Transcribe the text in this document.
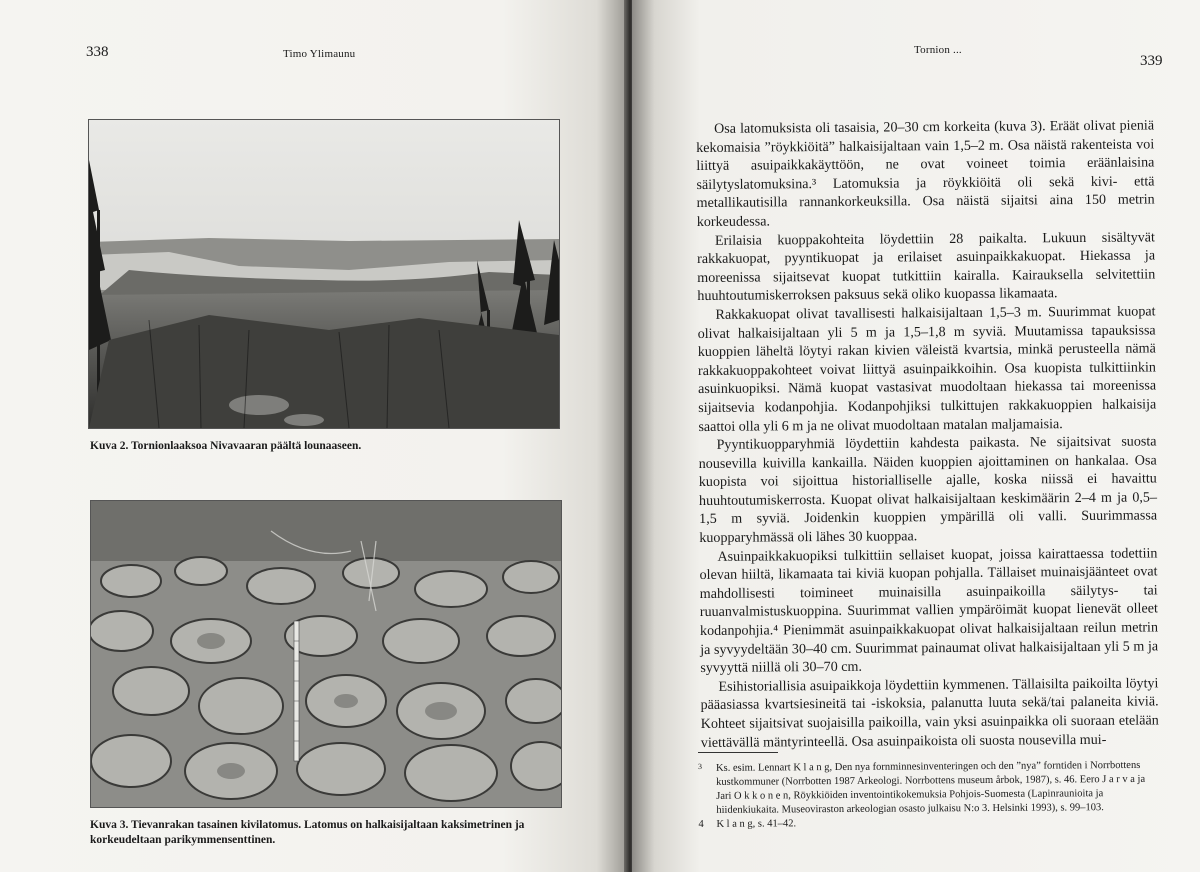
338	Timo Ylimaunu
Kuva 2. Tornionlaaksoa Nivavaaran päältä lounaaseen.
Kuva 3. Tievanrakan tasainen kivilatomus. Latomus on halkaisijaltaan kaksimetrinen ja korkeudeltaan parikymmensenttinen.
Tornion ...
339

Osa latomuksista oli tasaisia, 20–30 cm korkeita (kuva 3). Eräät olivat pieniä kekomaisia ”röykkiöitä” halkaisijaltaan vain 1,5–2 m. Osa näistä rakenteista voi liittyä asuipaikkakäyttöön, ne ovat voineet toimia eräänlaisina säilytyslatomuksina.³ Latomuksia ja röykkiöitä oli sekä kivi- että metallikautisilla rannankorkeuksilla. Osa näistä sijaitsi aina 150 metrin korkeudessa.

Erilaisia kuoppakohteita löydettiin 28 paikalta. Lukuun sisältyvät rakkakuopat, pyyntikuopat ja erilaiset asuinpaikkakuopat. Hiekassa ja moreenissa sijaitsevat kuopat tutkittiin kairalla. Kairauksella selvitettiin huuhtoutumiskerroksen paksuus sekä oliko kuopassa likamaata.

Rakkakuopat olivat tavallisesti halkaisijaltaan 1,5–3 m. Suurimmat kuopat olivat halkaisijaltaan yli 5 m ja 1,5–1,8 m syviä. Muutamissa tapauksissa kuoppien läheltä löytyi rakan kivien väleistä kvartsia, minkä perusteella nämä rakkakuoppakohteet voivat liittyä asuinpaikkoihin. Osa kuopista tulkittiinkin asuinkuopiksi. Nämä kuopat vastasivat muodoltaan hiekassa tai moreenissa sijaitsevia kodanpohjia. Kodanpohjiksi tulkittujen rakkakuoppien halkaisija saattoi olla yli 6 m ja ne olivat muodoltaan matalan maljamaisia.

Pyyntikuopparyhmiä löydettiin kahdesta paikasta. Ne sijaitsivat suosta nousevilla kuivilla kankailla. Näiden kuoppien ajoittaminen on hankalaa. Osa kuopista voi sijoittua historialliselle ajalle, koska niissä ei havaittu huuhtoutumiskerrosta. Kuopat olivat halkaisijaltaan keskimäärin 2–4 m ja 0,5–1,5 m syviä. Joidenkin kuoppien ympärillä oli valli. Suurimmassa kuopparyhmässä oli lähes 30 kuoppaa.

Asuinpaikkakuopiksi tulkittiin sellaiset kuopat, joissa kairattaessa todettiin olevan hiiltä, likamaata tai kiviä kuopan pohjalla. Tällaiset muinaisjäänteet ovat mahdollisesti toimineet muinaisilla asuinpaikoilla säilytys- tai ruuanvalmistuskuoppina. Suurimmat vallien ympäröimät kuopat lienevät olleet kodanpohjia.⁴ Pienimmät asuinpaikkakuopat olivat halkaisijaltaan reilun metrin ja syvyydeltään 30–40 cm. Suurimmat painaumat olivat halkaisijaltaan yli 5 m ja syvyyttä niillä oli 30–70 cm.

Esihistoriallisia asuipaikkoja löydettiin kymmenen. Tällaisilta paikoilta löytyi pääasiassa kvartsiesineitä tai -iskoksia, palanutta luuta sekä/tai palaneita kiviä. Kohteet sijaitsivat suojaisilla paikoilla, vain yksi asuinpaikka oli suoraan etelään viettävällä mäntyrinteellä. Osa asuinpaikoista oli suosta nousevilla mui-

3 Ks. esim. Lennart K l a n g, Den nya fornminnesinventeringen och den ”nya” forntiden i Norrbottens kustkommuner (Norrbotten 1987 Arkeologi. Norrbottens museum årbok, 1987), s. 46. Eero J a r v a ja Jari O k k o n e n, Röykkiöiden inventointikokemuksia Pohjois-Suomesta (Lapinraunioita ja hiidenkiukaita. Museoviraston arkeologian osasto julkaisu N:o 3. Helsinki 1993), s. 99–103.
4 K l a n g, s. 41–42.
